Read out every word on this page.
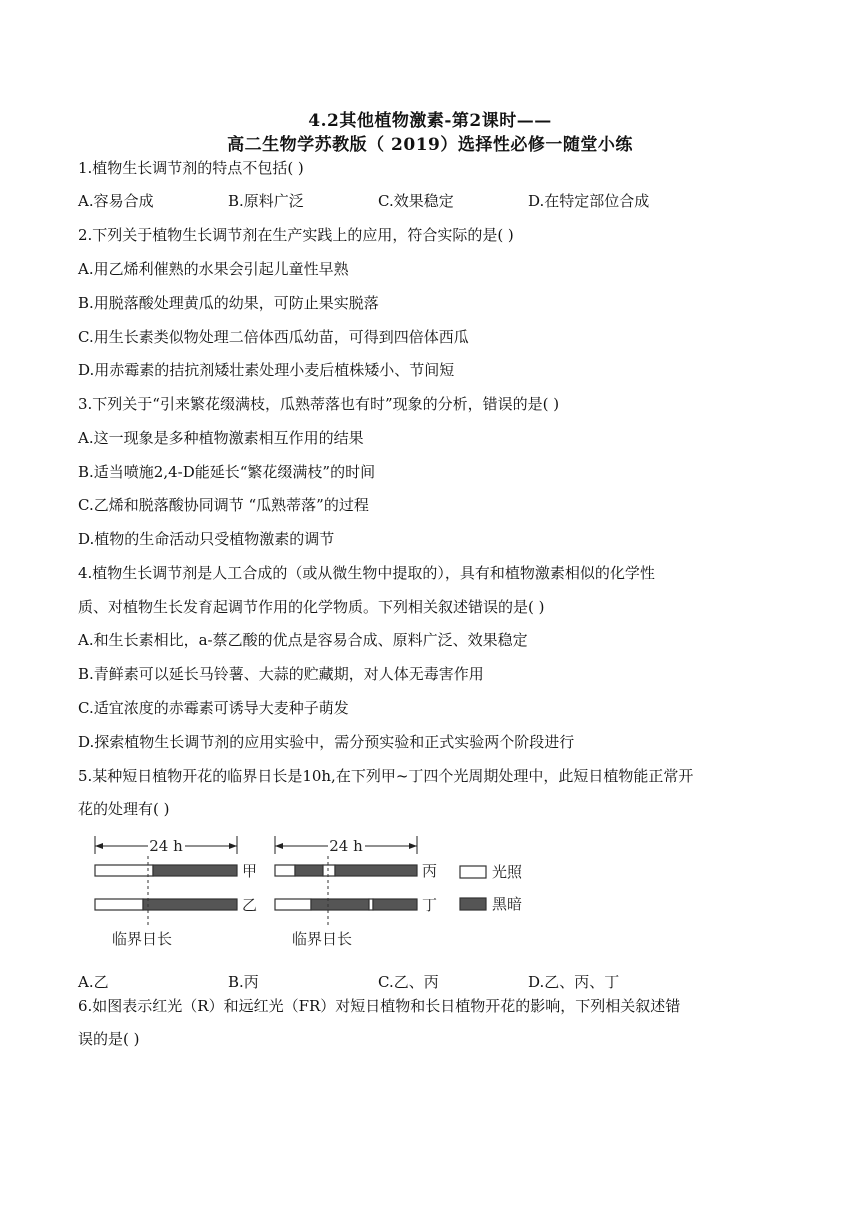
4.2其他植物激素-第2课时——
高二生物学苏教版（ 2019）选择性必修一随堂小练
1.植物生长调节剂的特点不包括( )
A.容易合成	B.原料广泛	C.效果稳定	D.在特定部位合成
2.下列关于植物生长调节剂在生产实践上的应用，符合实际的是( )
A.用乙烯利催熟的水果会引起儿童性早熟
B.用脱落酸处理黄瓜的幼果，可防止果实脱落
C.用生长素类似物处理二倍体西瓜幼苗，可得到四倍体西瓜
D.用赤霉素的拮抗剂矮壮素处理小麦后植株矮小、节间短
3.下列关于“引来繁花缀满枝，瓜熟蒂落也有时”现象的分析，错误的是( )
A.这一现象是多种植物激素相互作用的结果
B.适当喷施2,4-D能延长“繁花缀满枝”的时间
C.乙烯和脱落酸协同调节 “瓜熟蒂落”的过程
D.植物的生命活动只受植物激素的调节
4.植物生长调节剂是人工合成的（或从微生物中提取的），具有和植物激素相似的化学性
质、对植物生长发育起调节作用的化学物质。下列相关叙述错误的是( )
A.和生长素相比，a-蔡乙酸的优点是容易合成、原料广泛、效果稳定
B.青鲜素可以延长马铃薯、大蒜的贮藏期，对人体无毒害作用
C.适宜浓度的赤霉素可诱导大麦种子萌发
D.探索植物生长调节剂的应用实验中，需分预实验和正式实验两个阶段进行
5.某种短日植物开花的临界日长是10h,在下列甲~丁四个光周期处理中，此短日植物能正常开
花的处理有( )
24 h
甲
乙
临界日长
24 h
丙
丁
临界日长
光照
黑暗
A.乙	B.丙	C.乙、丙	D.乙、丙、丁
6.如图表示红光（R）和远红光（FR）对短日植物和长日植物开花的影响，下列相关叙述错
误的是( )
